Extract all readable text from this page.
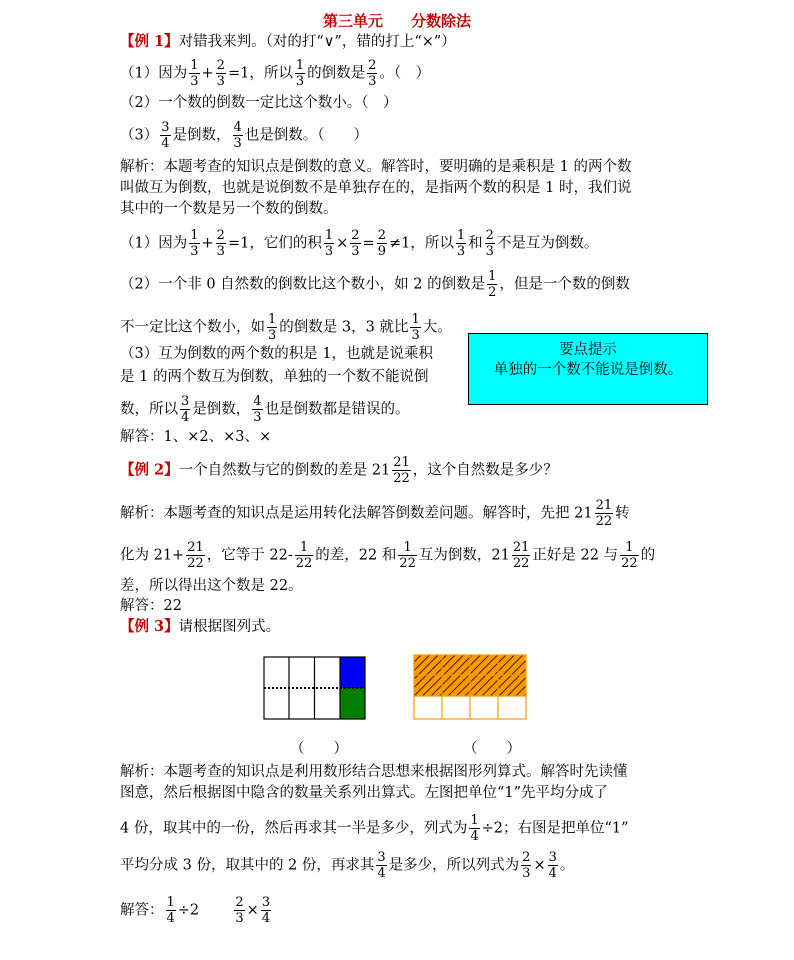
第三单元 分数除法
【例 1】对错我来判。（对的打“∨”，错的打上“×”）
（1）因为 $\frac{1}{3} + \frac{2}{3} =1$，所以 $\frac{1}{3}$ 的倒数是 $\frac{2}{3}$ 。（　）
（2）一个数的倒数一定比这个数小。（　）
$(3) \frac{3}{4}$ 是倒数， $\frac{4}{3}$ 也是倒数。（　　）
解析：本题考查的知识点是倒数的意义。解答时，要明确的是乘积是 1 的两个数
叫做互为倒数，也就是说倒数不是单独存在的，是指两个数的积是 1 时，我们说
其中的一个数是另一个数的倒数。
（1）因为 $\frac{1}{3} + \frac{2}{3} =1$，它们的积 $\frac{1}{3} \times \frac{2}{3} = \frac{2}{9} \ne 1$，所以 $\frac{1}{3}$ 和 $\frac{2}{3}$ 不是互为倒数。
（2）一个非 0 自然数的倒数比这个数小，如 2 的倒数是 $\frac{1}{2}$ ，但是一个数的倒数
不一定比这个数小，如 $\frac{1}{3}$ 的倒数是 3，3 就比 $\frac{1}{3}$ 大。
（3）互为倒数的两个数的积是 1，也就是说乘积
是 1 的两个数互为倒数，单独的一个数不能说倒
数，所以 $\frac{3}{4}$ 是倒数， $\frac{4}{3}$ 也是倒数都是错误的。
要点提示
单独的一个数不能说是倒数。
解答：1、×2、×3、×
【例 2】一个自然数与它的倒数的差是 $21 \frac{21}{22}$ ，这个自然数是多少？
解析：本题考查的知识点是运用转化法解答倒数差问题。解答时，先把 $21 \frac{21}{22}$ 转
化为 $21+ \frac{21}{22}$ ，它等于 $22- \frac{1}{22}$ 的差，22 和 $\frac{1}{22}$ 互为倒数，$21 \frac{21}{22}$ 正好是 22 与 $\frac{1}{22}$ 的
差，所以得出这个数是 22。
解答：22
【例 3】请根据图列式。
（　　）	（　　）
解析：本题考查的知识点是利用数形结合思想来根据图形列算式。解答时先读懂
图意，然后根据图中隐含的数量关系列出算式。左图把单位“1”先平均分成了
4 份，取其中的一份，然后再求其一半是多少，列式为 $\frac{1}{4} \div 2$；右图是把单位“1”
平均分成 3 份，取其中的 2 份，再求其 $\frac{3}{4}$ 是多少，所以列式为 $\frac{2}{3} \times \frac{3}{4}$ 。
解答： $\frac{1}{4} \div 2$	$\frac{2}{3} \times \frac{3}{4}$
